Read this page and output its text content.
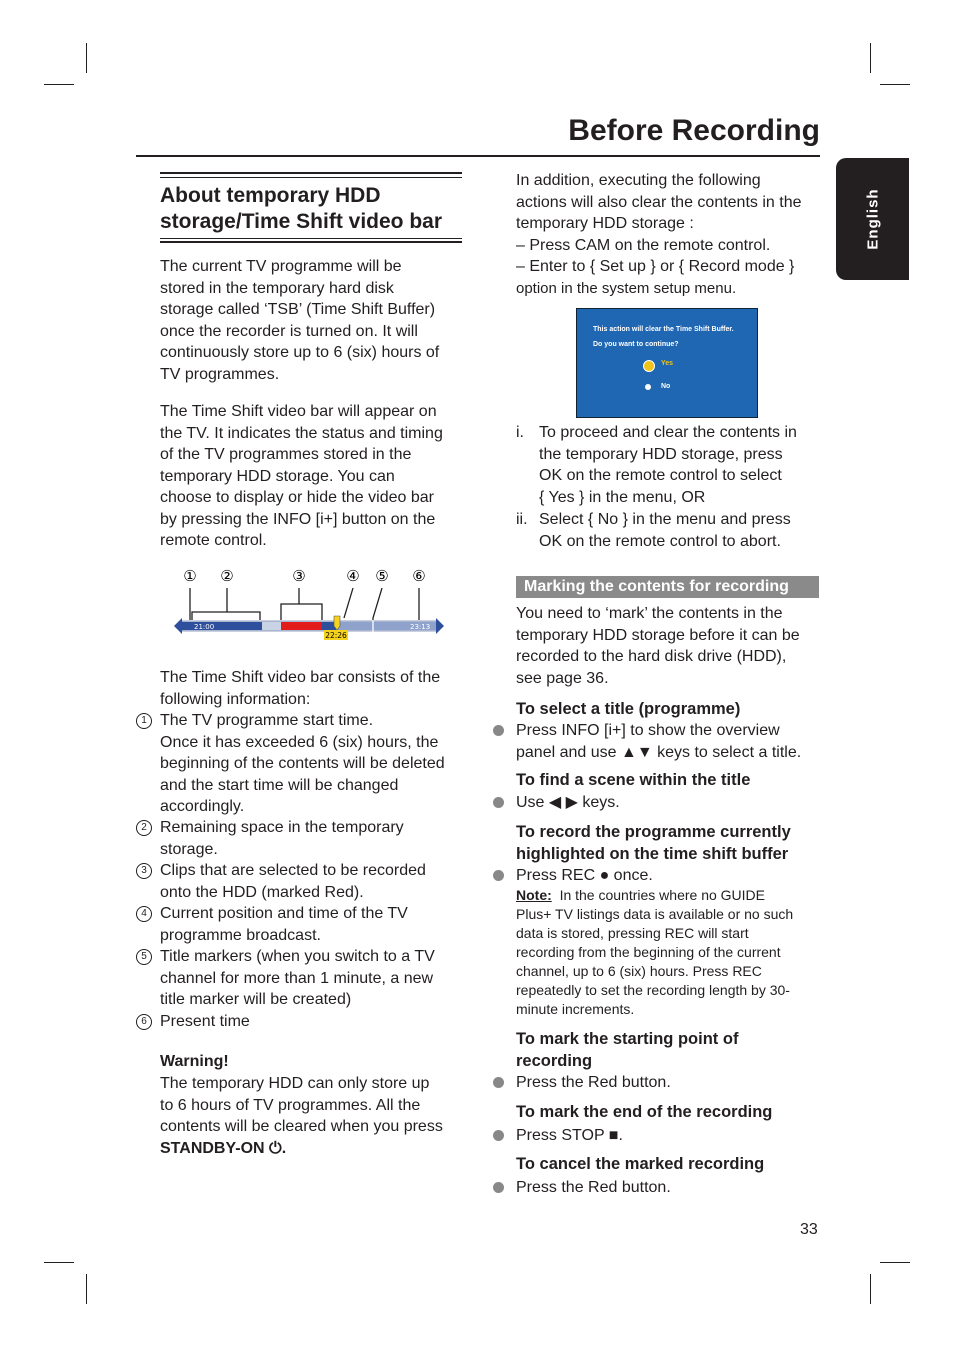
Before Recording
English
About temporary HDD
storage/Time Shift video bar
The current TV programme will be
stored in the temporary hard disk
storage called ‘TSB’ (Time Shift Buffer)
once the recorder is turned on. It will
continuously store up to 6 (six) hours of
TV programmes.
The Time Shift video bar will appear on
the TV. It indicates the status and timing
of the TV programmes stored in the
temporary HDD storage. You can
choose to display or hide the video bar
by pressing the INFO [i+] button on the
remote control.
① ②	③	④ ⑤ ⑥
22:26
21:00	23:13
The Time Shift video bar consists of the
following information:
1 The TV programme start time.
Once it has exceeded 6 (six) hours, the
beginning of the contents will be deleted
and the start time will be changed
accordingly.
2 Remaining space in the temporary
storage.
3 Clips that are selected to be recorded
onto the HDD (marked Red).
4 Current position and time of the TV
programme broadcast.
5 Title markers (when you switch to a TV
channel for more than 1 minute, a new
title marker will be created)
6 Present time
Warning!
The temporary HDD can only store up
to 6 hours of TV programmes. All the
contents will be cleared when you press
STANDBY-ON ⏻.
In addition, executing the following
actions will also clear the contents in the
temporary HDD storage :
– Press CAM on the remote control.
– Enter to { Set up } or { Record mode }
option in the system setup menu.
This action will clear the Time Shift Buffer.
Do you want to continue?
Yes
No
i. To proceed and clear the contents in
the temporary HDD storage, press
OK on the remote control to select
{ Yes } in the menu, OR
ii. Select { No } in the menu and press
OK on the remote control to abort.
Marking the contents for recording
You need to ‘mark’ the contents in the
temporary HDD storage before it can be
recorded to the hard disk drive (HDD),
see page 36.
To select a title (programme)
Press INFO [i+] to show the overview
panel and use ▲▼ keys to select a title.
To find a scene within the title
Use ◀ ▶ keys.
To record the programme currently
highlighted on the time shift buffer
Press REC ● once.
Note: In the countries where no GUIDE
Plus+ TV listings data is available or no such
data is stored, pressing REC will start
recording from the beginning of the current
channel, up to 6 (six) hours. Press REC
repeatedly to set the recording length by 30-
minute increments.
To mark the starting point of
recording
Press the Red button.
To mark the end of the recording
Press STOP ■.
To cancel the marked recording
Press the Red button.
33
